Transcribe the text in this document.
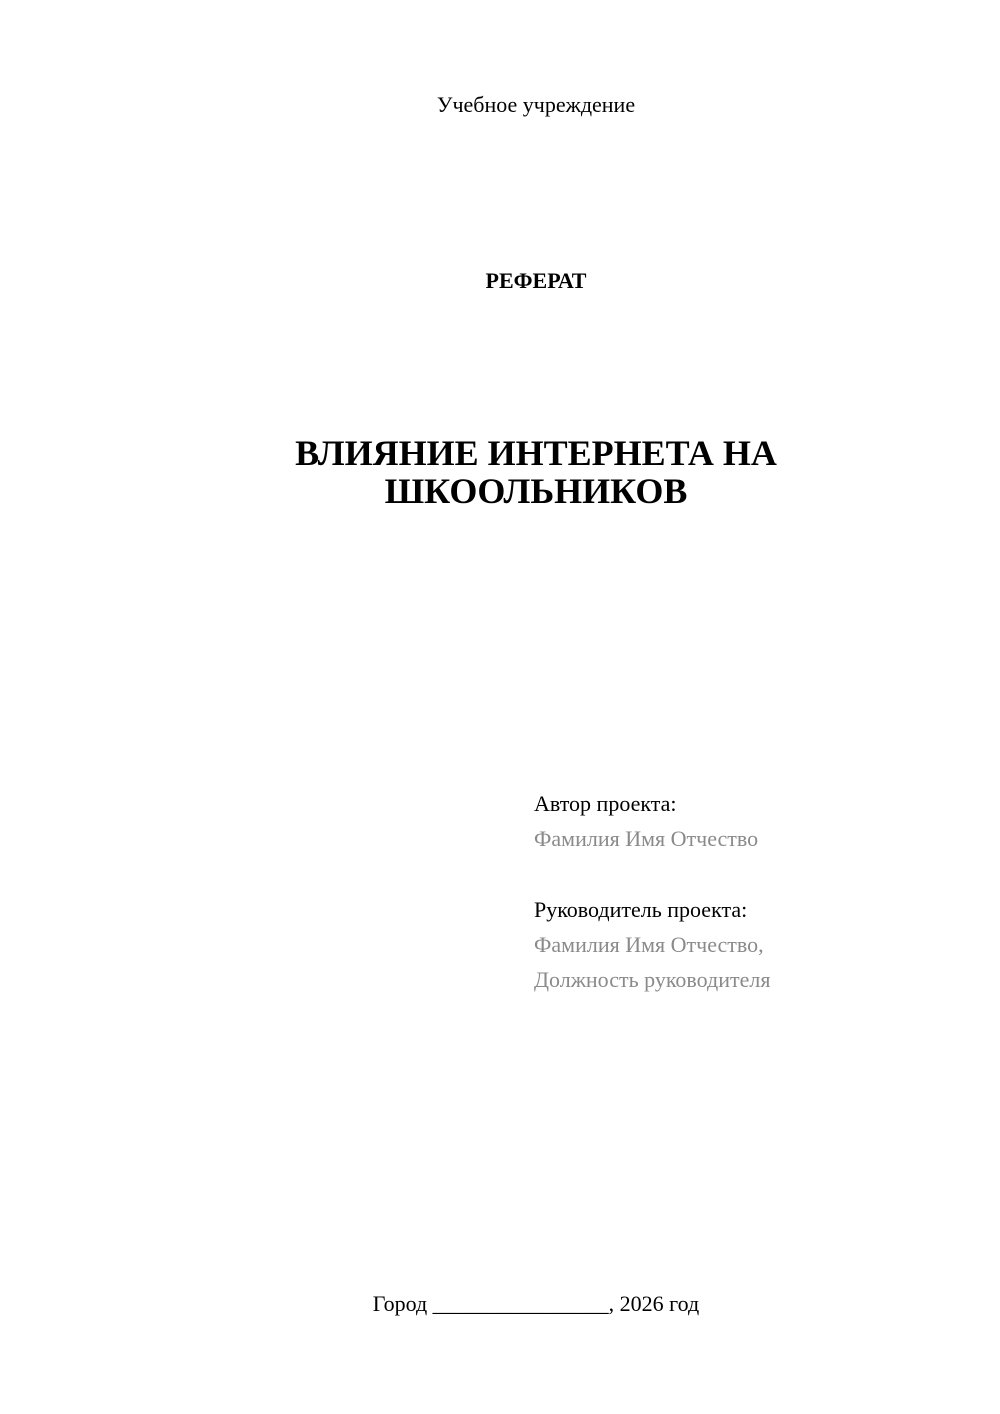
Учебное учреждение

РЕФЕРАТ

ВЛИЯНИЕ ИНТЕРНЕТА НА
ШКООЛЬНИКОВ
Автор проекта:
Фамилия Имя Отчество
Руководитель проекта:
Фамилия Имя Отчество,
Должность руководителя
Город ________________, 2026 год
